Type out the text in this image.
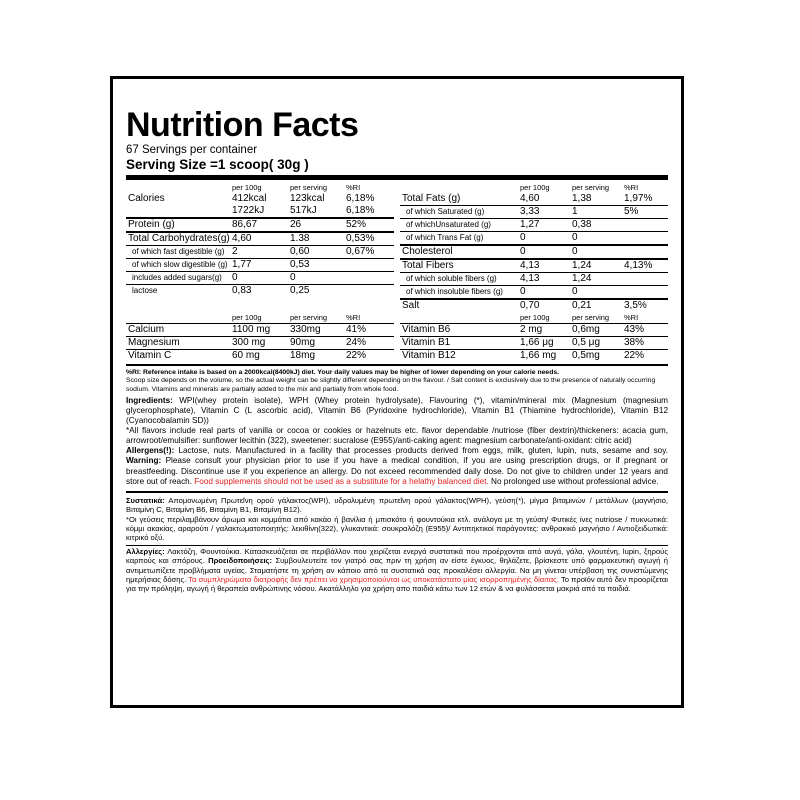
Nutrition Facts
67 Servings per container
Serving Size =1 scoop( 30g )
	per 100g	per serving	%RI
Calories	412kcal	123kcal	6,18%
	1722kJ	517kJ	6,18%
Protein (g)	86,67	26	52%
Total Carbohydrates(g)	4,60	1.38	0,53%
of which fast digestible (g)	2	0,60	0,67%
of which slow digestible (g)	1,77	0,53	
includes added sugars(g)	0	0	
lactose	0,83	0,25	
	per 100g	per serving	%RI
Total Fats (g)	4,60	1,38	1,97%
of which Saturated (g)	3,33	1	5%
of whichUnsaturated (g)	1,27	0,38	
of which Trans Fat (g)	0	0	
Cholesterol	0	0	
Total Fibers	4,13	1,24	4,13%
of which soluble fibers (g)	4,13	1,24	
of which insoluble fibers (g)	0	0	
Salt	0,70	0,21	3,5%
	per 100g	per serving	%RI
Calcium	1100 mg	330mg	41%
Magnesium	300 mg	90mg	24%
Vitamin C	60 mg	18mg	22%
	per 100g	per serving	%RI
Vitamin B6	2 mg	0,6mg	43%
Vitamin B1	1,66 μg	0,5 μg	38%
Vitamin B12	1,66 mg	0,5mg	22%

%RI: Reference intake is based on a 2000kcal(8400kJ) diet. Your daily values may be higher of lower depending on your calorie needs.

Scoop size depends on the volume, so the actual weight can be slightly different depending on the flavour. / Salt content is exclusively due to the presence of naturally occurring sodium. Vitamins and minerals are partially added to the mix and partially from whole food.

Ingredients: WPI(whey protein isolate), WPH (Whey protein hydrolysate), Flavouring (*), vitamin/mineral mix (Magnesium (magnesium glycerophosphate), Vitamin C (L ascorbic acid), Vitamin B6 (Pyridoxine hydrochloride), Vitamin B1 (Thiamine hydrochloride), Vitamin B12 (Cyanocobalamin SD))

*All flavors include real parts of vanilla or cocoa or cookies or hazelnuts etc. flavor dependable /nutriose (fiber dextrin)/thickeners: acacia gum, arrowroot/emulsifier: sunflower lecithin (322), sweetener: sucralose (E955)/anti-caking agent: magnesium carbonate/anti-oxidant: citric acid)

Allergens(!): Lactose, nuts. Manufactured in a facility that processes products derived from eggs, milk, gluten, lupin, nuts, sesame and soy. Warning: Please consult your physician prior to use if you have a medical condition, if you are using prescription drugs, or if pregnant or breastfeeding. Discontinue use if you experience an allergy. Do not exceed recommended daily dose. Do not give to children under 12 years and store out of reach. Food supplements should not be used as a substitute for a helathy balanced diet. No prolonged use without professional advice.

Συστατικά: Απομονωμένη Πρωτεΐνη ορού γάλακτος(WPI), υδρολυμένη πρωτεΐνη ορού γάλακτος(WPH), γεύση(*), μίγμα βιταμινών / μετάλλων (μαγνήσιο, Βιταμίνη C, Βιταμίνη Β6, Βιταμίνη Β1, Βιταμίνη Β12).

*Οι γεύσεις περιλαμβάνουν άρωμα και κομμάτια από κακάο ή βανίλια ή μπισκότο ή φουντούκια κτλ. ανάλογα με τη γεύση/ Φυτικές ίνες nutriose / πυκνωτικά: κόμμι ακακίας, αραρούτι / γαλακτωματοποιητής: λεκιθίνη(322), γλυκαντικά: σουκραλόζη (E955)/ Αντιπηκτικοί παράγοντες: ανθρακικό μαγνήσιο / Αντιοξειδωτικά: κιτρικό οξύ.

Αλλεργίες: Λακτόζη, Φουντούκια. Κατασκευάζεται σε περιβάλλον που χειρίζεται ενεργά συστατικά που προέρχονται από αυγά, γάλα, γλουτένη, lupin, ξηρούς καρπούς και σπόρους. Προειδοποιήσεις: Συμβουλευτείτε τον γιατρό σας πριν τη χρήση αν είστε έγκυος, θηλάζετε, βρίσκεστε υπό φαρμακευτική αγωγή ή αντιμετωπίζετε προβλήματα υγείας. Σταματήστε τη χρήση αν κάποιο από τα συστατικά σας προκαλέσει αλλεργία. Να μη γίνεται υπέρβαση της συνιστώμενης ημερήσιας δόσης. Τα συμπληρώματα διατροφής δεν πρέπει να χρησιμοποιούνται ως υποκατάστατο μίας ισορροπημένης δίαιτας. Το προϊόν αυτό δεν προορίζεται για την πρόληψη, αγωγή ή θεραπεία ανθρώπινης νόσου. Ακατάλληλο για χρήση απο παιδιά κάτω των 12 ετών & να φυλάσσεται μακριά από τα παιδιά.
